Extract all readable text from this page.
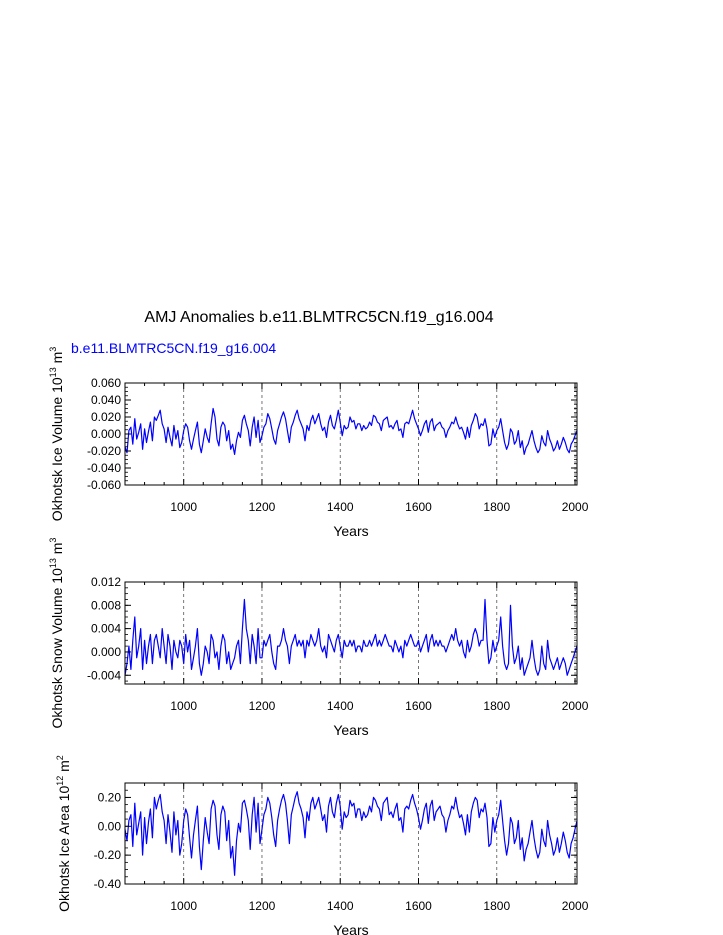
AMJ Anomalies b.e11.BLMTRC5CN.f19_g16.004
b.e11.BLMTRC5CN.f19_g16.004
1000	1200	1400	1600	1800	2000
-0.060
-0.040
-0.020
0.000
0.020
0.040
0.060
Years
Okhotsk Ice Volume $10^{13}$ $m^3$
1000	1200	1400	1600	1800	2000
-0.004
0.000
0.004
0.008
0.012
Years
Okhotsk Snow Volume $10^{13}$ $m^3$
1000	1200	1400	1600	1800	2000
-0.40
-0.20
0.00
0.20
Years
Okhotsk Ice Area $10^{12}$ $m^2$
